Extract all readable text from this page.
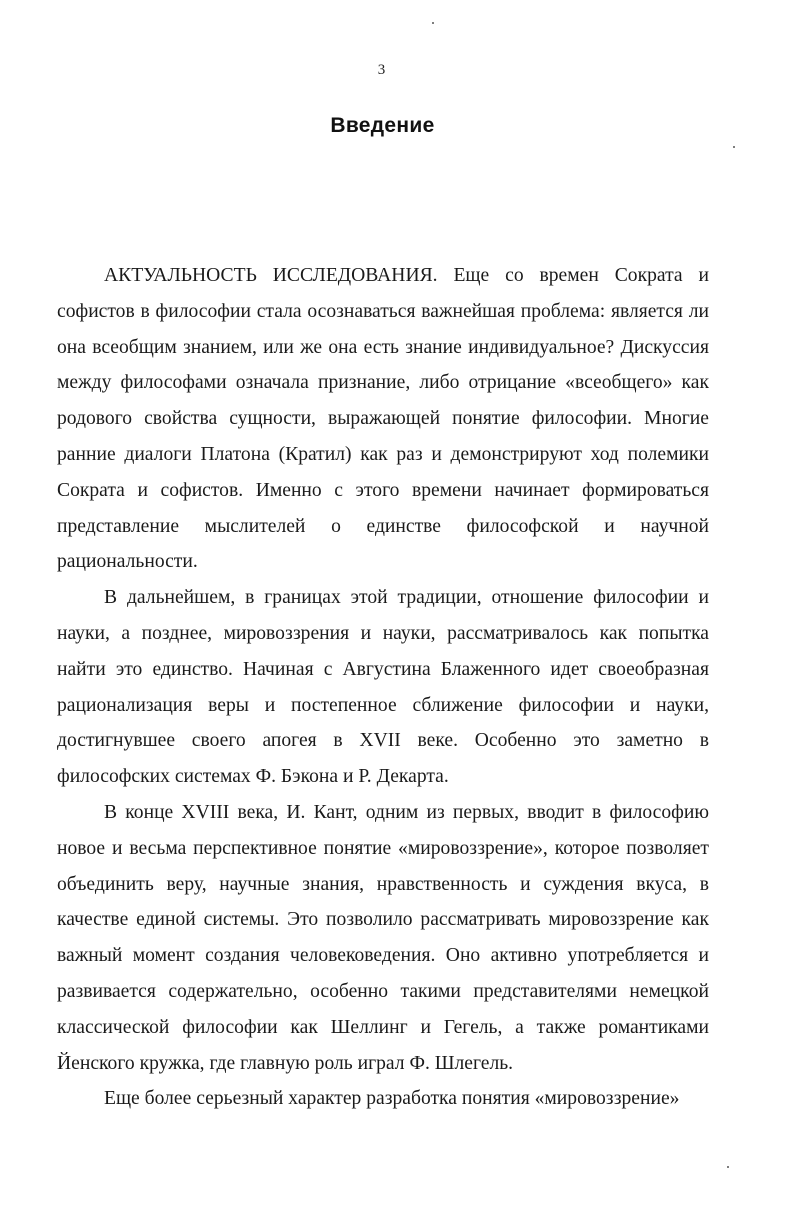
3
Введение

АКТУАЛЬНОСТЬ ИССЛЕДОВАНИЯ. Еще со времен Сократа и софистов в философии стала осознаваться важнейшая проблема: является ли она всеобщим знанием, или же она есть знание индивидуальное? Дискуссия между философами означала признание, либо отрицание «всеобщего» как родового свойства сущности, выражающей понятие философии. Многие ранние диалоги Платона (Кратил) как раз и демонстрируют ход полемики Сократа и софистов. Именно с этого времени начинает формироваться представление мыслителей о единстве философской и научной рациональности.

В дальнейшем, в границах этой традиции, отношение философии и науки, а позднее, мировоззрения и науки, рассматривалось как попытка найти это единство. Начиная с Августина Блаженного идет своеобразная рационализация веры и постепенное сближение философии и науки, достигнувшее своего апогея в XVII веке. Особенно это заметно в философских системах Ф. Бэкона и Р. Декарта.

В конце XVIII века, И. Кант, одним из первых, вводит в философию новое и весьма перспективное понятие «мировоззрение», которое позволяет объединить веру, научные знания, нравственность и суждения вкуса, в качестве единой системы. Это позволило рассматривать мировоззрение как важный момент создания человековедения. Оно активно употребляется и развивается содержательно, особенно такими представителями немецкой классической философии как Шеллинг и Гегель, а также романтиками Йенского кружка, где главную роль играл Ф. Шлегель.

Еще более серьезный характер разработка понятия «мировоззрение»
